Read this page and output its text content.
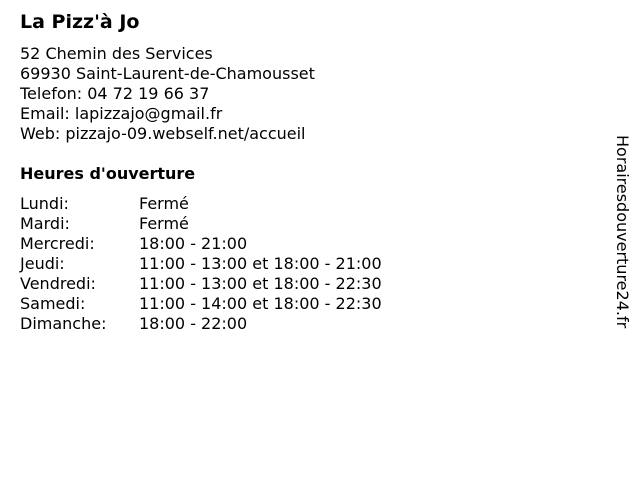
La Pizz'à Jo
52 Chemin des Services
69930 Saint-Laurent-de-Chamousset
Telefon: 04 72 19 66 37
Email: lapizzajo@gmail.fr
Web: pizzajo-09.webself.net/accueil
Heures d'ouverture
Lundi:	Fermé
Mardi:	Fermé
Mercredi:	18:00 - 21:00
Jeudi:	11:00 - 13:00 et 18:00 - 21:00
Vendredi:	11:00 - 13:00 et 18:00 - 22:30
Samedi:	11:00 - 14:00 et 18:00 - 22:30
Dimanche:	18:00 - 22:00	Horairesdouverture24.fr
